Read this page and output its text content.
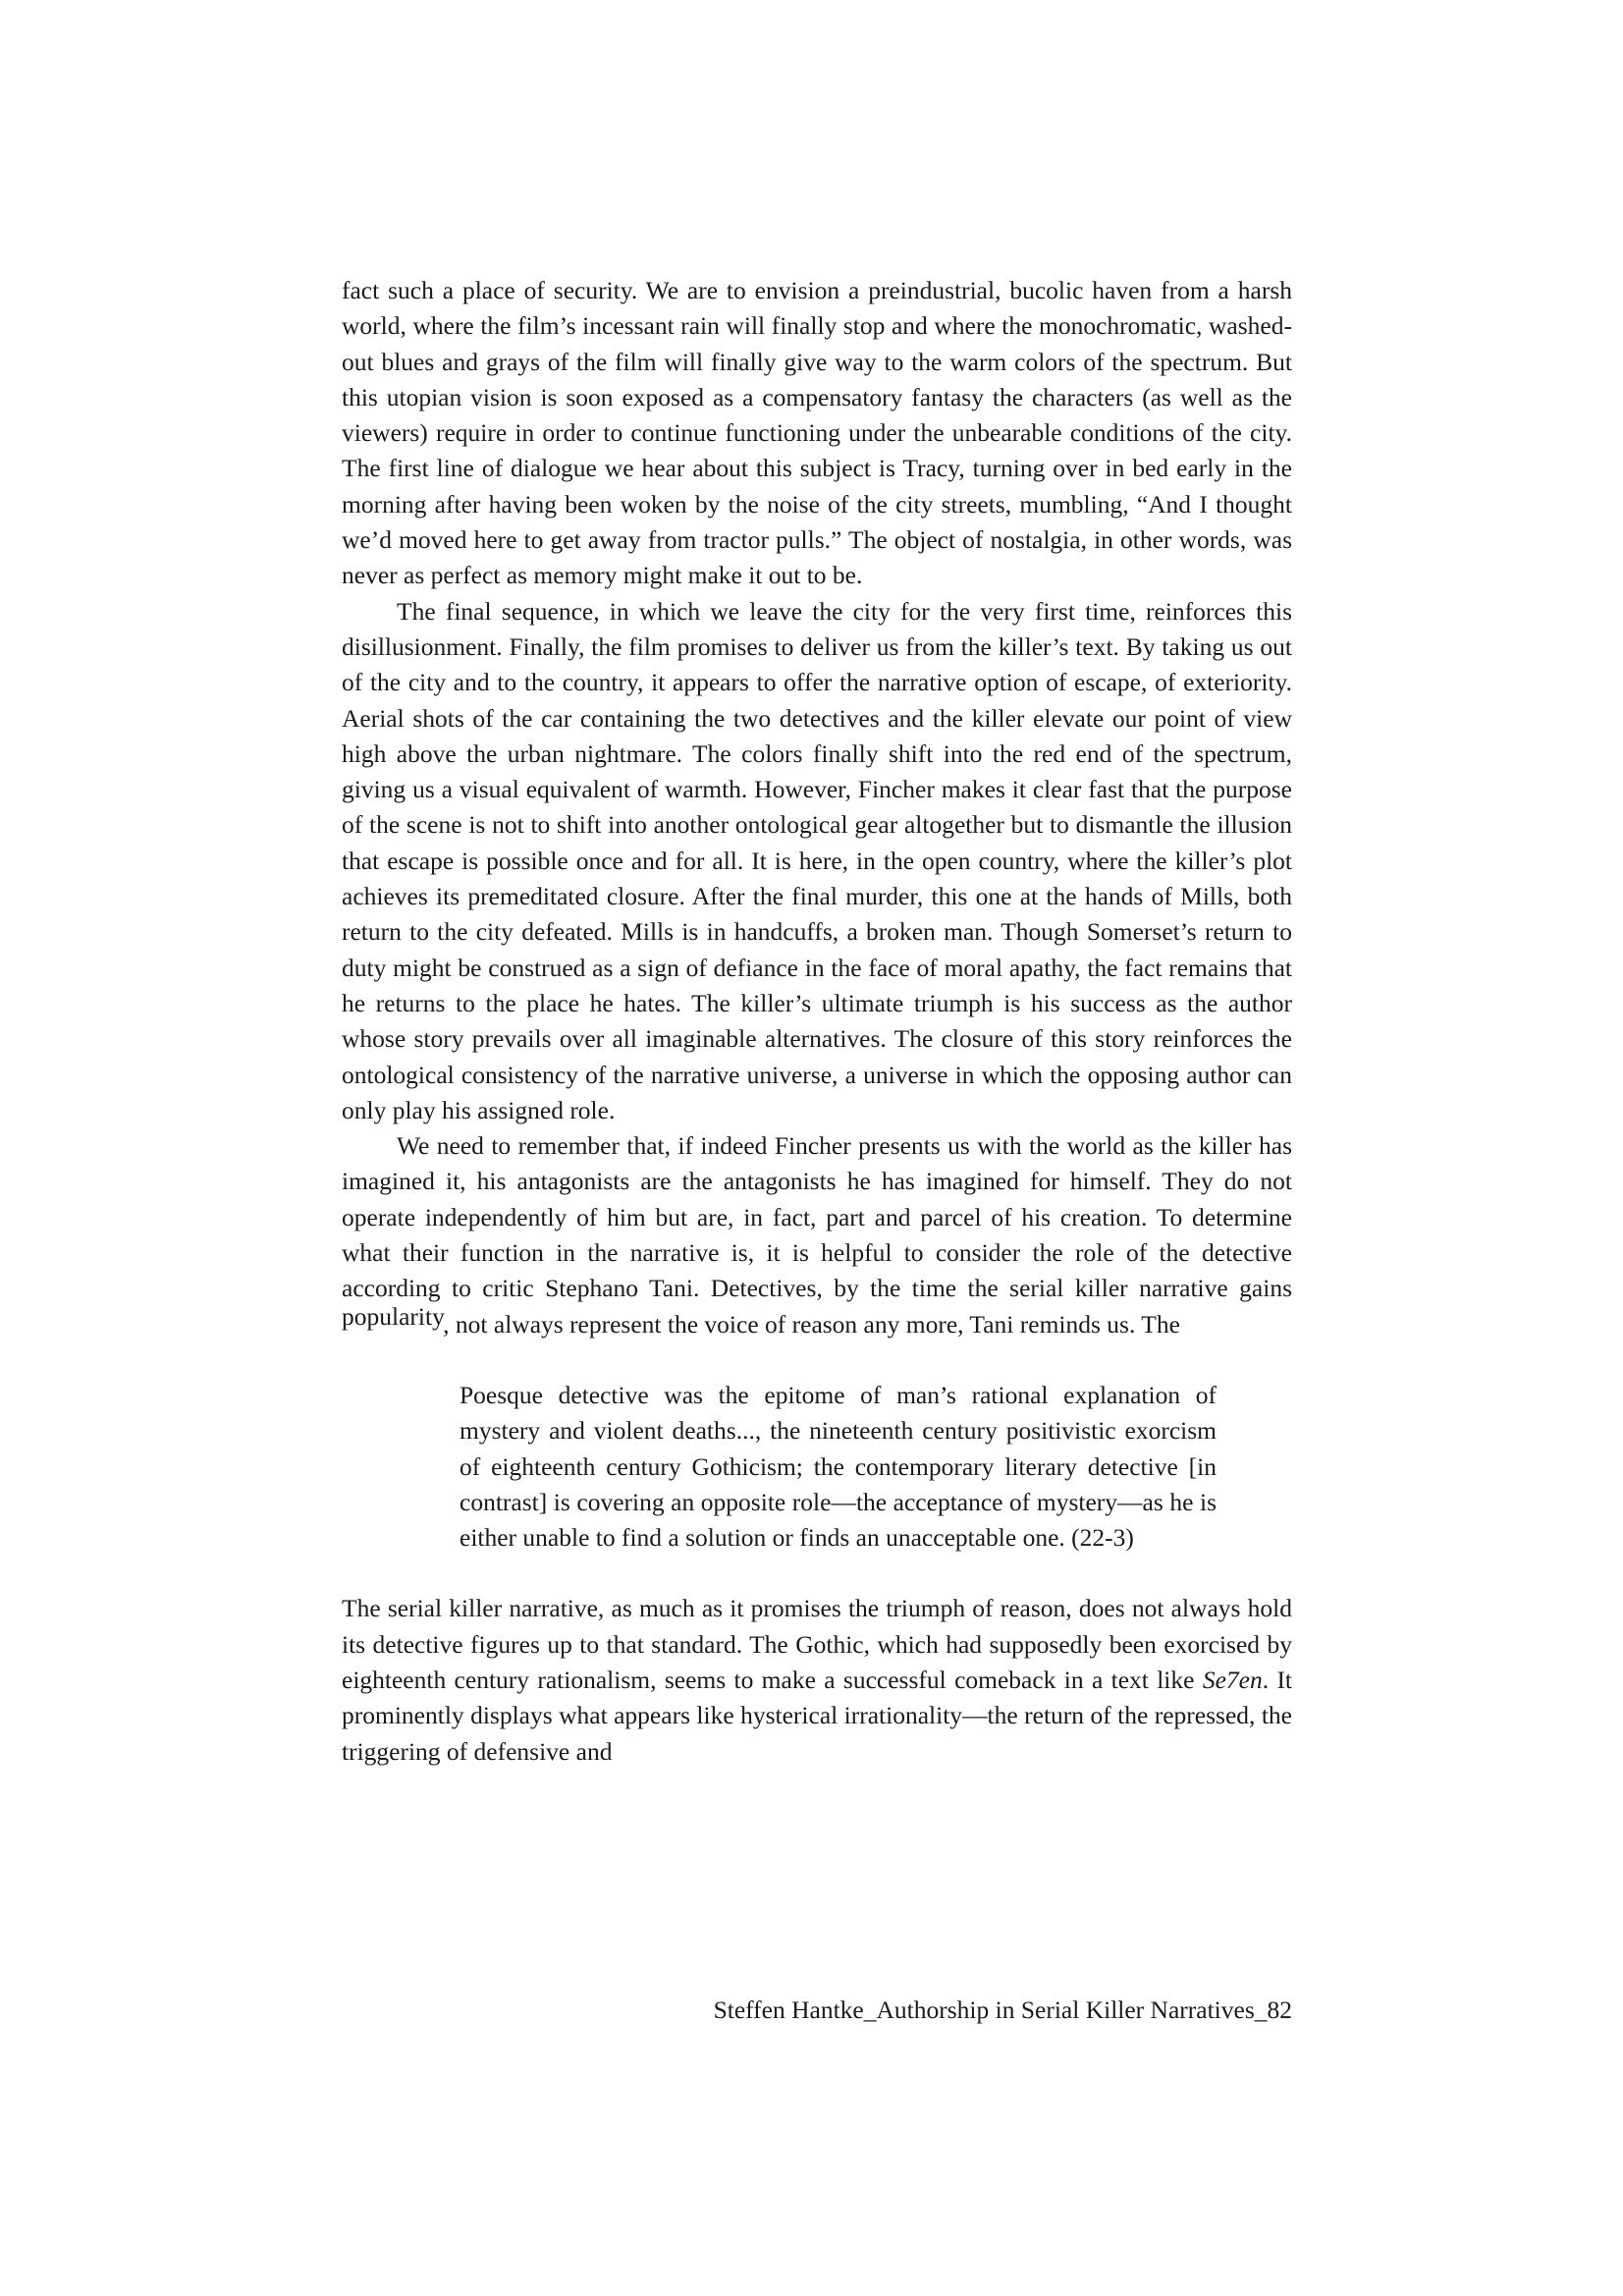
fact such a place of security. We are to envision a preindustrial, bucolic haven from a harsh world, where the film’s incessant rain will finally stop and where the monochromatic, washed-out blues and grays of the film will finally give way to the warm colors of the spectrum. But this utopian vision is soon exposed as a compensatory fantasy the characters (as well as the viewers) require in order to continue functioning under the unbearable conditions of the city. The first line of dialogue we hear about this subject is Tracy, turning over in bed early in the morning after having been woken by the noise of the city streets, mumbling, “And I thought we’d moved here to get away from tractor pulls.” The object of nostalgia, in other words, was never as perfect as memory might make it out to be.

The final sequence, in which we leave the city for the very first time, reinforces this disillusionment. Finally, the film promises to deliver us from the killer’s text. By taking us out of the city and to the country, it appears to offer the narrative option of escape, of exteriority. Aerial shots of the car containing the two detectives and the killer elevate our point of view high above the urban nightmare. The colors finally shift into the red end of the spectrum, giving us a visual equivalent of warmth. However, Fincher makes it clear fast that the purpose of the scene is not to shift into another ontological gear altogether but to dismantle the illusion that escape is possible once and for all. It is here, in the open country, where the killer’s plot achieves its premeditated closure. After the final murder, this one at the hands of Mills, both return to the city defeated. Mills is in handcuffs, a broken man. Though Somerset’s return to duty might be construed as a sign of defiance in the face of moral apathy, the fact remains that he returns to the place he hates. The killer’s ultimate triumph is his success as the author whose story prevails over all imaginable alternatives. The closure of this story reinforces the ontological consistency of the narrative universe, a universe in which the opposing author can only play his assigned role.

We need to remember that, if indeed Fincher presents us with the world as the killer has imagined it, his antagonists are the antagonists he has imagined for himself. They do not operate independently of him but are, in fact, part and parcel of his creation. To determine what their function in the narrative is, it is helpful to consider the role of the detective according to critic Stephano Tani. Detectives, by the time the serial killer narrative gains popularity, not always represent the voice of reason any more, Tani reminds us. The

Poesque detective was the epitome of man’s rational explanation of mystery and violent deaths..., the nineteenth century positivistic exorcism of eighteenth century Gothicism; the contemporary literary detective [in contrast] is covering an opposite role—the acceptance of mystery—as he is either unable to find a solution or finds an unacceptable one. (22-3)

The serial killer narrative, as much as it promises the triumph of reason, does not always hold its detective figures up to that standard. The Gothic, which had supposedly been exorcised by eighteenth century rationalism, seems to make a successful comeback in a text like Se7en. It prominently displays what appears like hysterical irrationality—the return of the repressed, the triggering of defensive and

Steffen Hantke_Authorship in Serial Killer Narratives_82
